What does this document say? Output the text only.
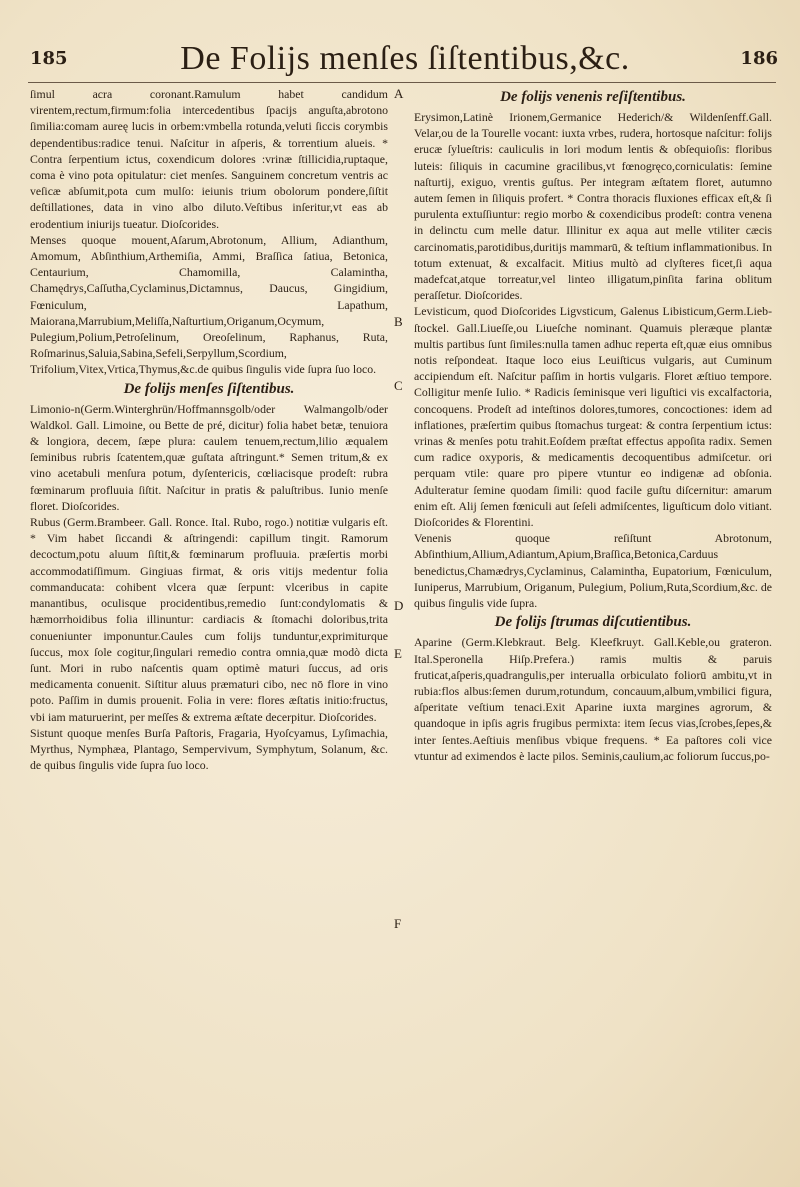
185	De Folijs menſes ſiſtentibus,&c.	186
A
B
C
D
E
F

ſimul acra coronant.Ramulum habet candidum virentem,rectum,firmum:folia intercedentibus ſpacijs anguſta,abrotono ſimilia:comam aureę lucis in orbem:vmbella rotunda,veluti ſiccis corymbis dependentibus:radice tenui. Naſcitur in aſperis, & torrentium alueis. * Contra ſerpentium ictus, coxendicum dolores :vrinæ ſtillicidia,ruptaque, coma è vino pota opitulatur: ciet menſes. Sanguinem concretum ventris ac veſicæ abſumit,pota cum mulſo: ieiunis trium obolorum pondere,ſiſtit deſtillationes, data in vino albo diluto.Veſtibus inſeritur,vt eas ab erodentium iniurijs tueatur. Dioſcorides.

Menses quoque mouent,Aſarum,Abrotonum, Allium, Adianthum, Amomum, Abſinthium,Arthemiſia, Ammi, Braſſica ſatiua, Betonica, Centaurium, Chamomilla, Calamintha, Chamędrys,Caſſutha,Cyclaminus,Dictamnus, Daucus, Gingidium, Fœniculum, Lapathum, Maiorana,Marrubium,Meliſſa,Naſturtium,Origanum,Ocymum, Pulegium,Polium,Petroſelinum, Oreoſelinum, Raphanus, Ruta, Roſmarinus,Saluia,Sabina,Sefeli,Serpyllum,Scordium, Trifolium,Vitex,Vrtica,Thymus,&c.de quibus ſingulis vide ſupra ſuo loco.

De folijs menſes ſiſtentibus.

Limonio-n(Germ.Winterghrün/Hoffmannsgolb/oder Walmangolb/oder Waldkol. Gall. Limoine, ou Bette de pré, dicitur) folia habet betæ, tenuiora & longiora, decem, ſæpe plura: caulem tenuem,rectum,lilio æqualem ſeminibus rubris ſcatentem,quæ guſtata aſtringunt.* Semen tritum,& ex vino acetabuli menſura potum, dyſentericis, cœliacisque prodeſt: rubra fœminarum profluuia ſiſtit. Naſcitur in pratis & paluſtribus. Iunio menſe floret. Dioſcorides.

Rubus (Germ.Brambeer. Gall. Ronce. Ital. Rubo, rogo.) notitiæ vulgaris eſt. * Vim habet ſiccandi & aſtringendi: capillum tingit. Ramorum decoctum,potu aluum ſiſtit,& fœminarum profluuia. præſertis morbi accommodatiſſimum. Gingiuas firmat, & oris vitijs medentur folia commanducata: cohibent vlcera quæ ſerpunt: vlceribus in capite manantibus, oculisque procidentibus,remedio ſunt:condylomatis & hæmorrhoidibus folia illinuntur: cardiacis & ſtomachi doloribus,trita conueniunter imponuntur.Caules cum folijs tunduntur,exprimiturque ſuccus, mox ſole cogitur,ſingulari remedio contra omnia,quæ modò dicta ſunt. Mori in rubo naſcentis quam optimè maturi ſuccus, ad oris medicamenta conuenit. Siſtitur aluus præmaturi cibo, nec nō flore in vino poto. Paſſim in dumis prouenit. Folia in vere: flores æſtatis initio:fructus, vbi iam maturuerint, per meſſes & extrema æſtate decerpitur. Dioſcorides.

Sistunt quoque menſes Burſa Paſtoris, Fragaria, Hyoſcyamus, Lyſimachia, Myrthus, Nymphæa, Plantago, Sempervivum, Symphytum, Solanum, &c. de quibus ſingulis vide ſupra ſuo loco.

De folijs venenis reſiſtentibus.

Erysimon,Latinè Irionem,Germanice Hederich/& Wildenſenff.Gall. Velar,ou de la Tourelle vocant: iuxta vrbes, rudera, hortosque naſcitur: folijs erucæ ſylueſtris: cauliculis in lori modum lentis & obſequioſis: floribus luteis: ſiliquis in cacumine gracilibus,vt fœnogręco,corniculatis: ſemine naſturtij, exiguo, vrentis guſtus. Per integram æſtatem floret, autumno autem ſemen in ſiliquis profert. * Contra thoracis fluxiones efficax eſt,& ſi purulenta extuſſiuntur: regio morbo & coxendicibus prodeſt: contra venena in delinctu cum melle datur. Illinitur ex aqua aut melle vtiliter cæcis carcinomatis,parotidibus,duritijs mammarū, & teſtium inflammationibus. In totum extenuat, & excalfacit. Mitius multò ad clyſteres ficet,ſi aqua madefcat,atque torreatur,vel linteo illigatum,pinſita farina oblitum peraſſetur. Dioſcorides.

Levisticum, quod Dioſcorides Ligvsticum, Galenus Libisticum,Germ.Liebſtockel. Gall.Liueſſe,ou Liueſche nominant. Quamuis pleræque plantæ multis partibus ſunt ſimiles:nulla tamen adhuc reperta eſt,quæ eius omnibus notis reſpondeat. Itaque loco eius Leuiſticus vulgaris, aut Cuminum accipiendum eſt. Naſcitur paſſim in hortis vulgaris. Floret æſtiuo tempore. Colligitur menſe Iulio. * Radicis ſeminisque veri liguſtici vis excalfactoria, concoquens. Prodeſt ad inteſtinos dolores,tumores, concoctiones: idem ad inflationes, præſertim quibus ſtomachus turgeat: & contra ſerpentium ictus: vrinas & menſes potu trahit.Eoſdem præſtat effectus appoſita radix. Semen cum radice oxyporis, & medicamentis decoquentibus admiſcetur. ori perquam vtile: quare pro pipere vtuntur eo indigenæ ad obſonia. Adulteratur ſemine quodam ſimili: quod facile guſtu diſcernitur: amarum enim eſt. Alij ſemen fœniculi aut ſeſeli admiſcentes, liguſticum dolo vitiant. Dioſcorides & Florentini.

Venenis quoque reſiſtunt Abrotonum, Abſinthium,Allium,Adiantum,Apium,Braſſica,Betonica,Carduus benedictus,Chamædrys,Cyclaminus, Calamintha, Eupatorium, Fœniculum, Iuniperus, Marrubium, Origanum, Pulegium, Polium,Ruta,Scordium,&c. de quibus ſingulis vide ſupra.

De folijs ſtrumas diſcutientibus.

Aparine (Germ.Klebkraut. Belg. Kleefkruyt. Gall.Keble,ou grateron. Ital.Speronella Hiſp.Prefera.) ramis multis & paruis fruticat,aſperis,quadrangulis,per interualla orbiculato foliorū ambitu,vt in rubia:flos albus:ſemen durum,rotundum, concauum,album,vmbilici figura, aſperitate veſtium tenaci.Exit Aparine iuxta margines agrorum, & quandoque in ipſis agris frugibus permixta: item ſecus vias,ſcrobes,ſepes,& inter ſentes.Aeſtiuis menſibus vbique frequens. * Ea paſtores coli vice vtuntur ad eximendos è lacte pilos. Seminis,caulium,ac foliorum ſuccus,po-
